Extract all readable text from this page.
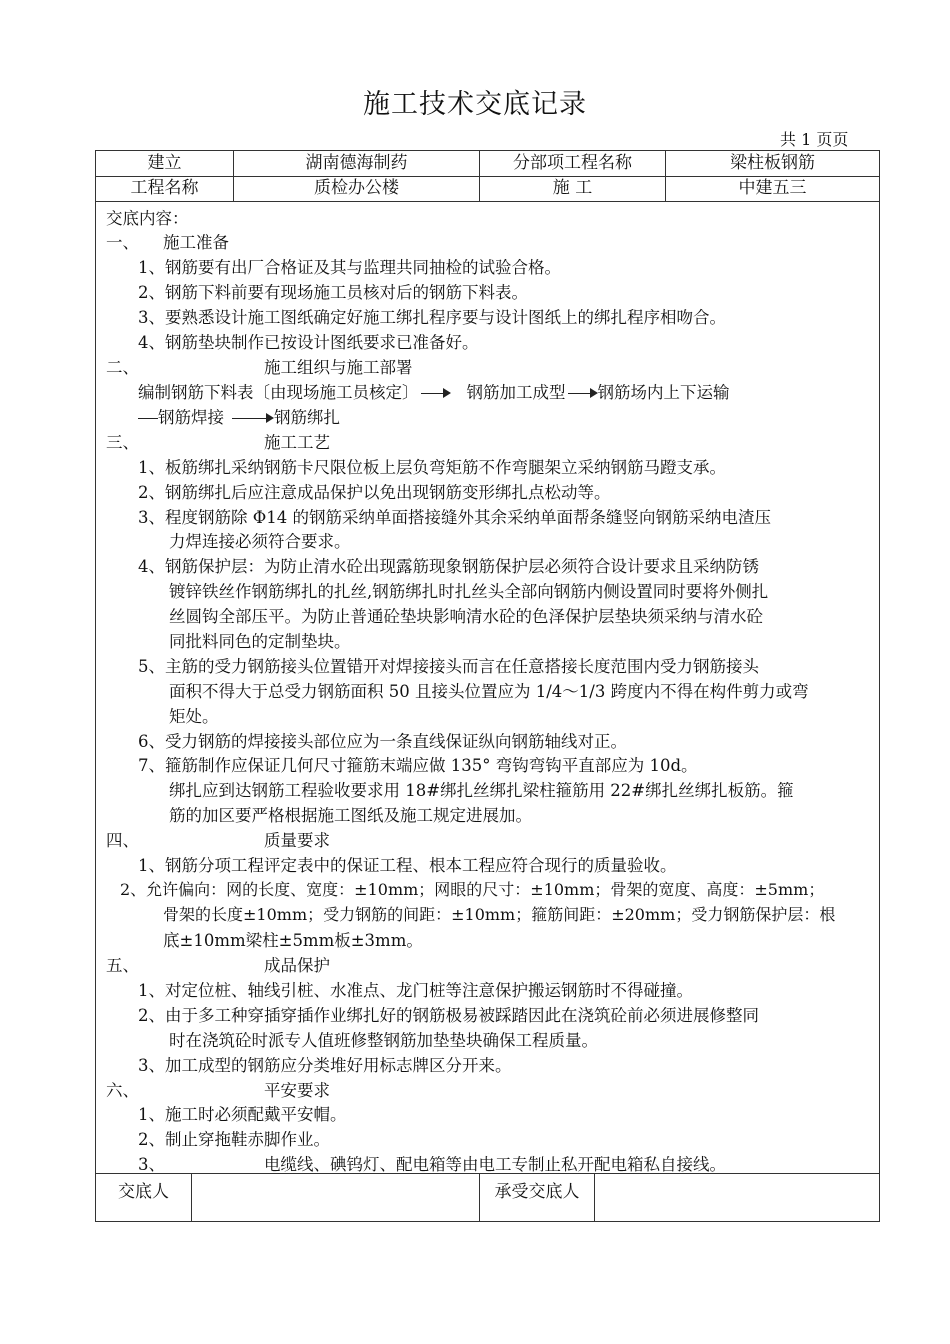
施工技术交底记录
共 1 页页
建立	湖南德海制药	分部项工程名称	梁柱板钢筋
工程名称	质检办公楼	施 工	中建五三
交底内容：
一、 施工准备
1、钢筋要有出厂合格证及其与监理共同抽检的试验合格。
2、钢筋下料前要有现场施工员核对后的钢筋下料表。
3、要熟悉设计施工图纸确定好施工绑扎程序要与设计图纸上的绑扎程序相吻合。
4、钢筋垫块制作已按设计图纸要求已准备好。
二、	施工组织与施工部署
编制钢筋下料表〔由现场施工员核定〕	钢筋加工成型 钢筋场内上下运输
钢筋焊接	钢筋绑扎
三、	施工工艺
1、板筋绑扎采纳钢筋卡尺限位板上层负弯矩筋不作弯腿架立采纳钢筋马蹬支承。
2、钢筋绑扎后应注意成品保护以免出现钢筋变形绑扎点松动等。
3、程度钢筋除 Φ14 的钢筋采纳单面搭接缝外其余采纳单面帮条缝竖向钢筋采纳电渣压
力焊连接必须符合要求。
4、钢筋保护层：为防止清水砼出现露筋现象钢筋保护层必须符合设计要求且采纳防锈
镀锌铁丝作钢筋绑扎的扎丝,钢筋绑扎时扎丝头全部向钢筋内侧设置同时要将外侧扎
丝圆钩全部压平。为防止普通砼垫块影响清水砼的色泽保护层垫块须采纳与清水砼
同批料同色的定制垫块。
5、主筋的受力钢筋接头位置错开对焊接接头而言在任意搭接长度范围内受力钢筋接头
面积不得大于总受力钢筋面积 50 且接头位置应为 1/4～1/3 跨度内不得在构件剪力或弯
矩处。
6、受力钢筋的焊接接头部位应为一条直线保证纵向钢筋轴线对正。
7、箍筋制作应保证几何尺寸箍筋末端应做 135° 弯钩弯钩平直部应为 10d。
绑扎应到达钢筋工程验收要求用 18#绑扎丝绑扎梁柱箍筋用 22#绑扎丝绑扎板筋。箍
筋的加区要严格根据施工图纸及施工规定进展加。
四、	质量要求
1、钢筋分项工程评定表中的保证工程、根本工程应符合现行的质量验收。
2、允许偏向：网的长度、宽度：±10mm；网眼的尺寸：±10mm；骨架的宽度、高度：±5mm；
骨架的长度±10mm；受力钢筋的间距：±10mm；箍筋间距：±20mm；受力钢筋保护层：根
底±10mm梁柱±5mm板±3mm。
五、	成品保护
1、对定位桩、轴线引桩、水准点、龙门桩等注意保护搬运钢筋时不得碰撞。
2、由于多工种穿插穿插作业绑扎好的钢筋极易被踩踏因此在浇筑砼前必须进展修整同
时在浇筑砼时派专人值班修整钢筋加垫垫块确保工程质量。
3、加工成型的钢筋应分类堆好用标志牌区分开来。
六、	平安要求
1、施工时必须配戴平安帽。
2、制止穿拖鞋赤脚作业。
3、	电缆线、碘钨灯、配电箱等由电工专制止私开配电箱私自接线。
交底人	承受交底人
